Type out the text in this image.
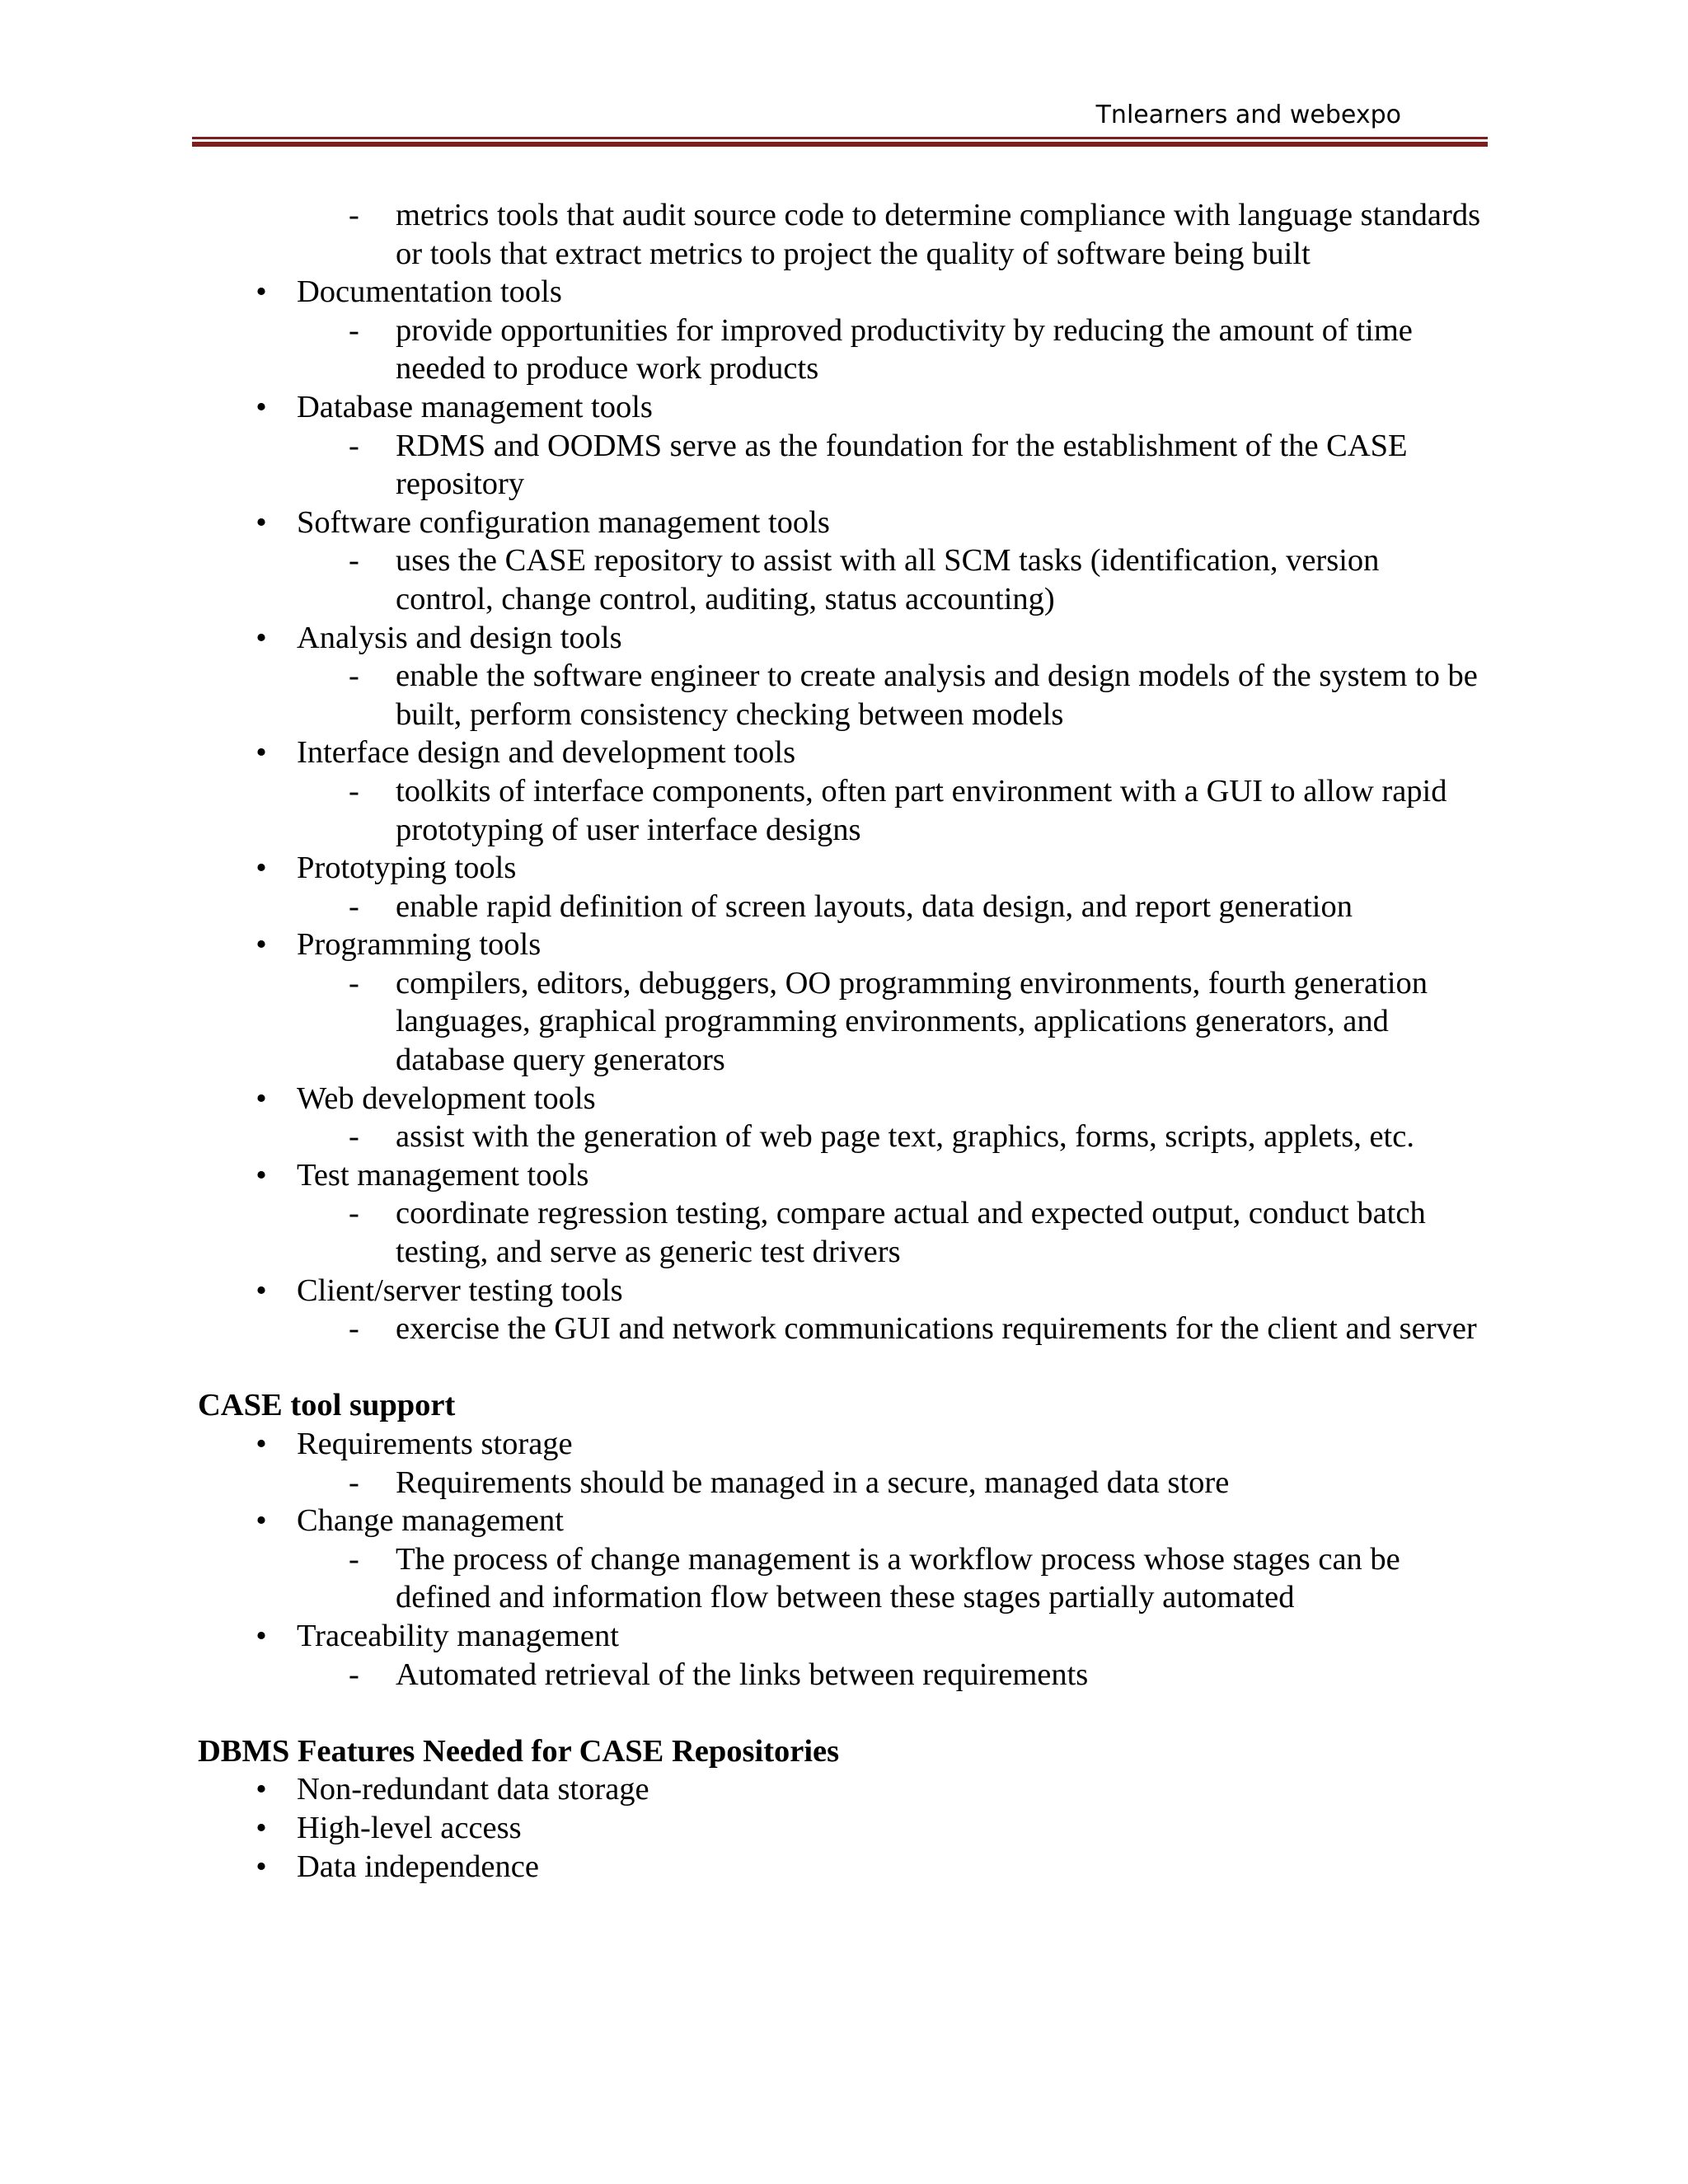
Tnlearners and webexpo
- metrics tools that audit source code to determine compliance with language standards or tools that extract metrics to project the quality of software being built
• Documentation tools
- provide opportunities for improved productivity by reducing the amount of time needed to produce work products
• Database management tools
- RDMS and OODMS serve as the foundation for the establishment of the CASE repository
• Software configuration management tools
- uses the CASE repository to assist with all SCM tasks (identification, version control, change control, auditing, status accounting)
• Analysis and design tools
- enable the software engineer to create analysis and design models of the system to be built, perform consistency checking between models
• Interface design and development tools
- toolkits of interface components, often part environment with a GUI to allow rapid prototyping of user interface designs
• Prototyping tools
- enable rapid definition of screen layouts, data design, and report generation
• Programming tools
- compilers, editors, debuggers, OO programming environments, fourth generation languages, graphical programming environments, applications generators, and database query generators
• Web development tools
- assist with the generation of web page text, graphics, forms, scripts, applets, etc.
• Test management tools
- coordinate regression testing, compare actual and expected output, conduct batch testing, and serve as generic test drivers
• Client/server testing tools
- exercise the GUI and network communications requirements for the client and server
CASE tool support
• Requirements storage
- Requirements should be managed in a secure, managed data store
• Change management
- The process of change management is a workflow process whose stages can be defined and information flow between these stages partially automated
• Traceability management
- Automated retrieval of the links between requirements
DBMS Features Needed for CASE Repositories
• Non-redundant data storage
• High-level access
• Data independence
